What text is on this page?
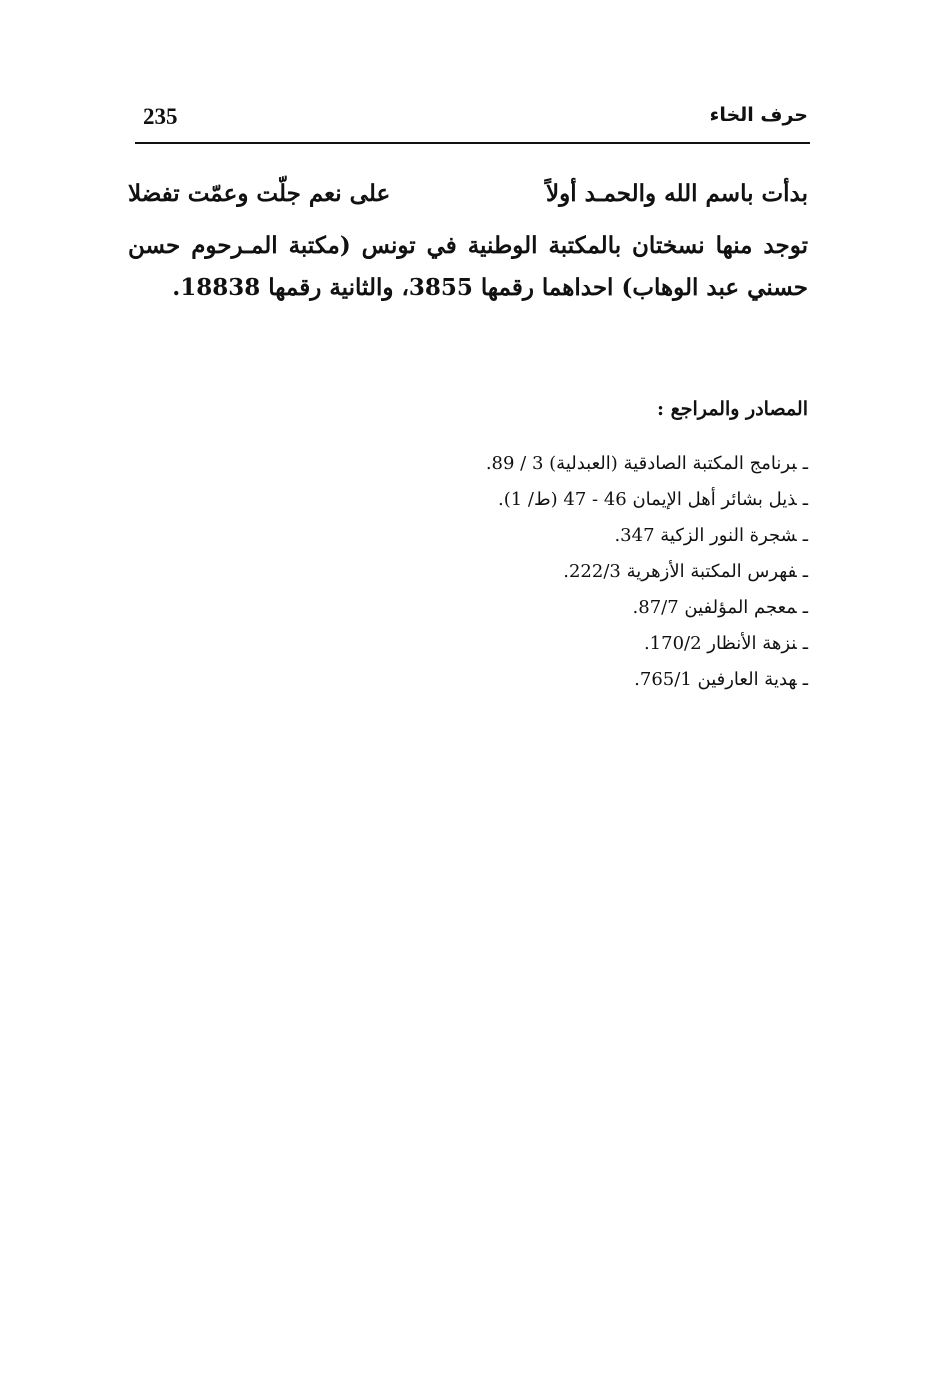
حرف الخاء
235
بدأت باسم الله والحمـد أولاً
على نعم جلّت وعمّت تفضلا
توجد منها نسختان بالمكتبة الوطنية في تونس (مكتبة المـرحوم حسن
حسني عبد الوهاب) احداهما رقمها 3855، والثانية رقمها 18838.
المصادر والمراجع :
ـبرنامج المكتبة الصادقية (العبدلية) 3 / 89.
ـذيل بشائر أهل الإيمان 46 - 47 (ط/ 1).
ـشجرة النور الزكية 347.
ـفهرس المكتبة الأزهرية 222/3.
ـمعجم المؤلفين 87/7.
ـنزهة الأنظار 170/2.
ـهدية العارفين 765/1.
